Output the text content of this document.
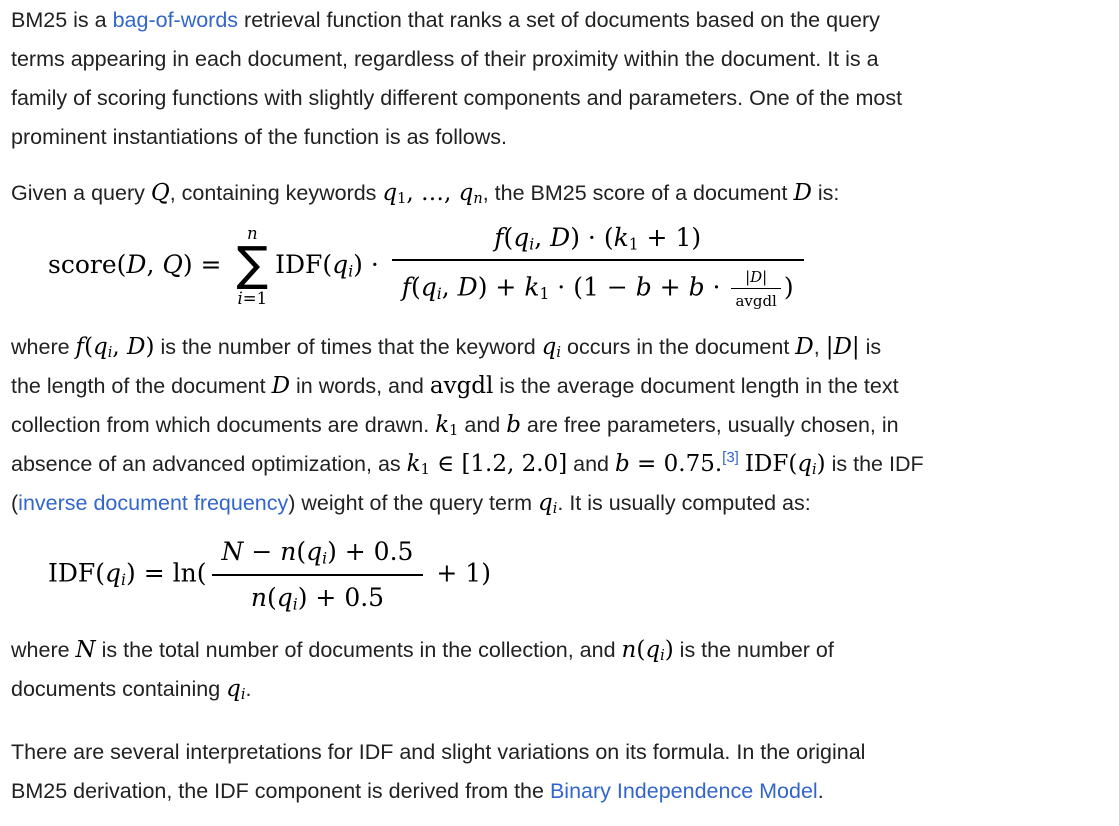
BM25 is a bag-of-words retrieval function that ranks a set of documents based on the query
terms appearing in each document, regardless of their proximity within the document. It is a
family of scoring functions with slightly different components and parameters. One of the most
prominent instantiations of the function is as follows.
Given a query Q, containing keywords q1, …, qn, the BM25 score of a document D is:
score(D, Q) =
n
∑
i=1
$IDF(qi) \cdot \frac{f(qi, D) \cdot (k1 + 1)}{f(qi, D) + k1 \cdot (1 - b + b \cdot \frac{|D|}{\text{avgdl}} )}$
where f(qi, D) is the number of times that the keyword qi occurs in the document D, |D| is
the length of the document D in words, and avgdl is the average document length in the text
collection from which documents are drawn. k1 and b are free parameters, usually chosen, in
absence of an advanced optimization, as k1 ∈ [1.2, 2.0] and b = 0.75.[3] IDF(qi) is the IDF
(inverse document frequency) weight of the query term qi. It is usually computed as:
$IDF(qi) = \ln( \frac{N - n(qi) + 0.5}{n(qi) + 0.5} + 1)$
where N is the total number of documents in the collection, and n(qi) is the number of
documents containing qi.
There are several interpretations for IDF and slight variations on its formula. In the original
BM25 derivation, the IDF component is derived from the Binary Independence Model.
